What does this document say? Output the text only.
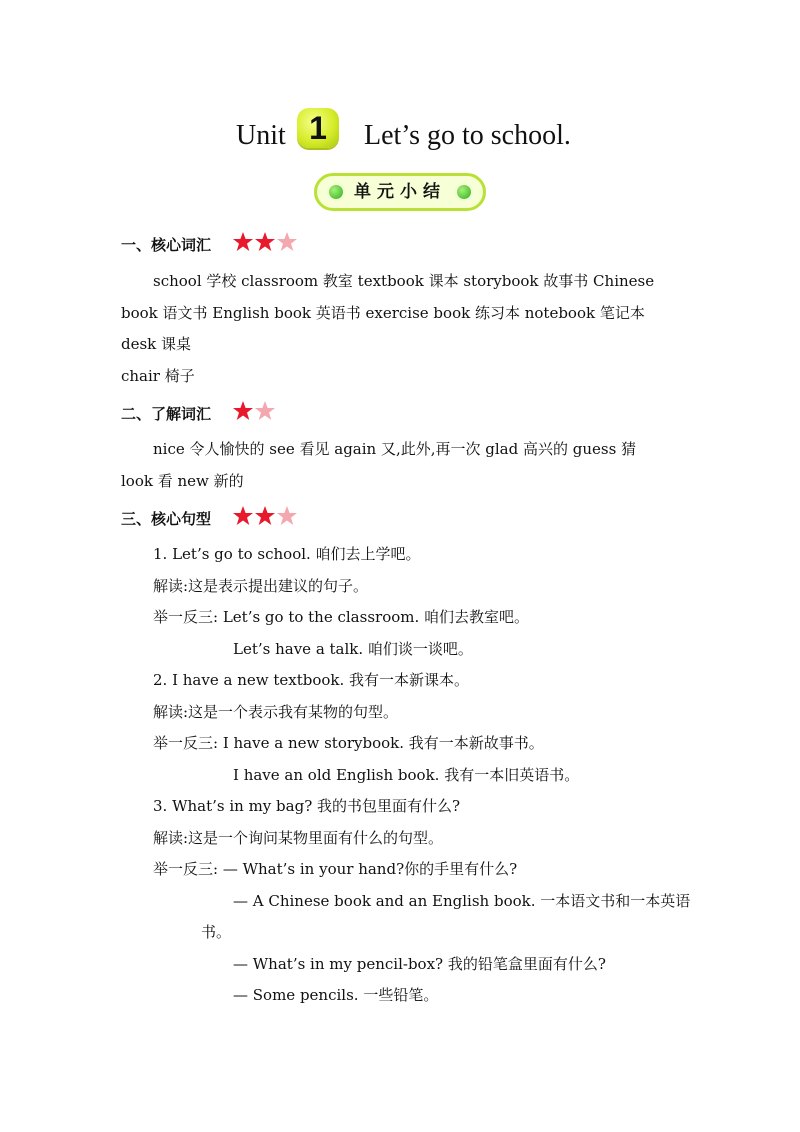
Unit 1	Let’s go to school.
单元小结
一、核心词汇
school 学校 classroom 教室 textbook 课本 storybook 故事书 Chinese
book 语文书 English book 英语书 exercise book 练习本 notebook 笔记本
desk 课桌
chair 椅子
二、了解词汇
nice 令人愉快的 see 看见 again 又,此外,再一次 glad 高兴的 guess 猜
look 看 new 新的
三、核心句型
1. Let’s go to school. 咱们去上学吧。
解读:这是表示提出建议的句子。
举一反三: Let’s go to the classroom. 咱们去教室吧。
Let’s have a talk. 咱们谈一谈吧。
2. I have a new textbook. 我有一本新课本。
解读:这是一个表示我有某物的句型。
举一反三: I have a new storybook. 我有一本新故事书。
I have an old English book. 我有一本旧英语书。
3. What’s in my bag? 我的书包里面有什么?
解读:这是一个询问某物里面有什么的句型。
举一反三: — What’s in your hand?你的手里有什么?
— A Chinese book and an English book. 一本语文书和一本英语
书。
— What’s in my pencil-box? 我的铅笔盒里面有什么?
— Some pencils. 一些铅笔。
